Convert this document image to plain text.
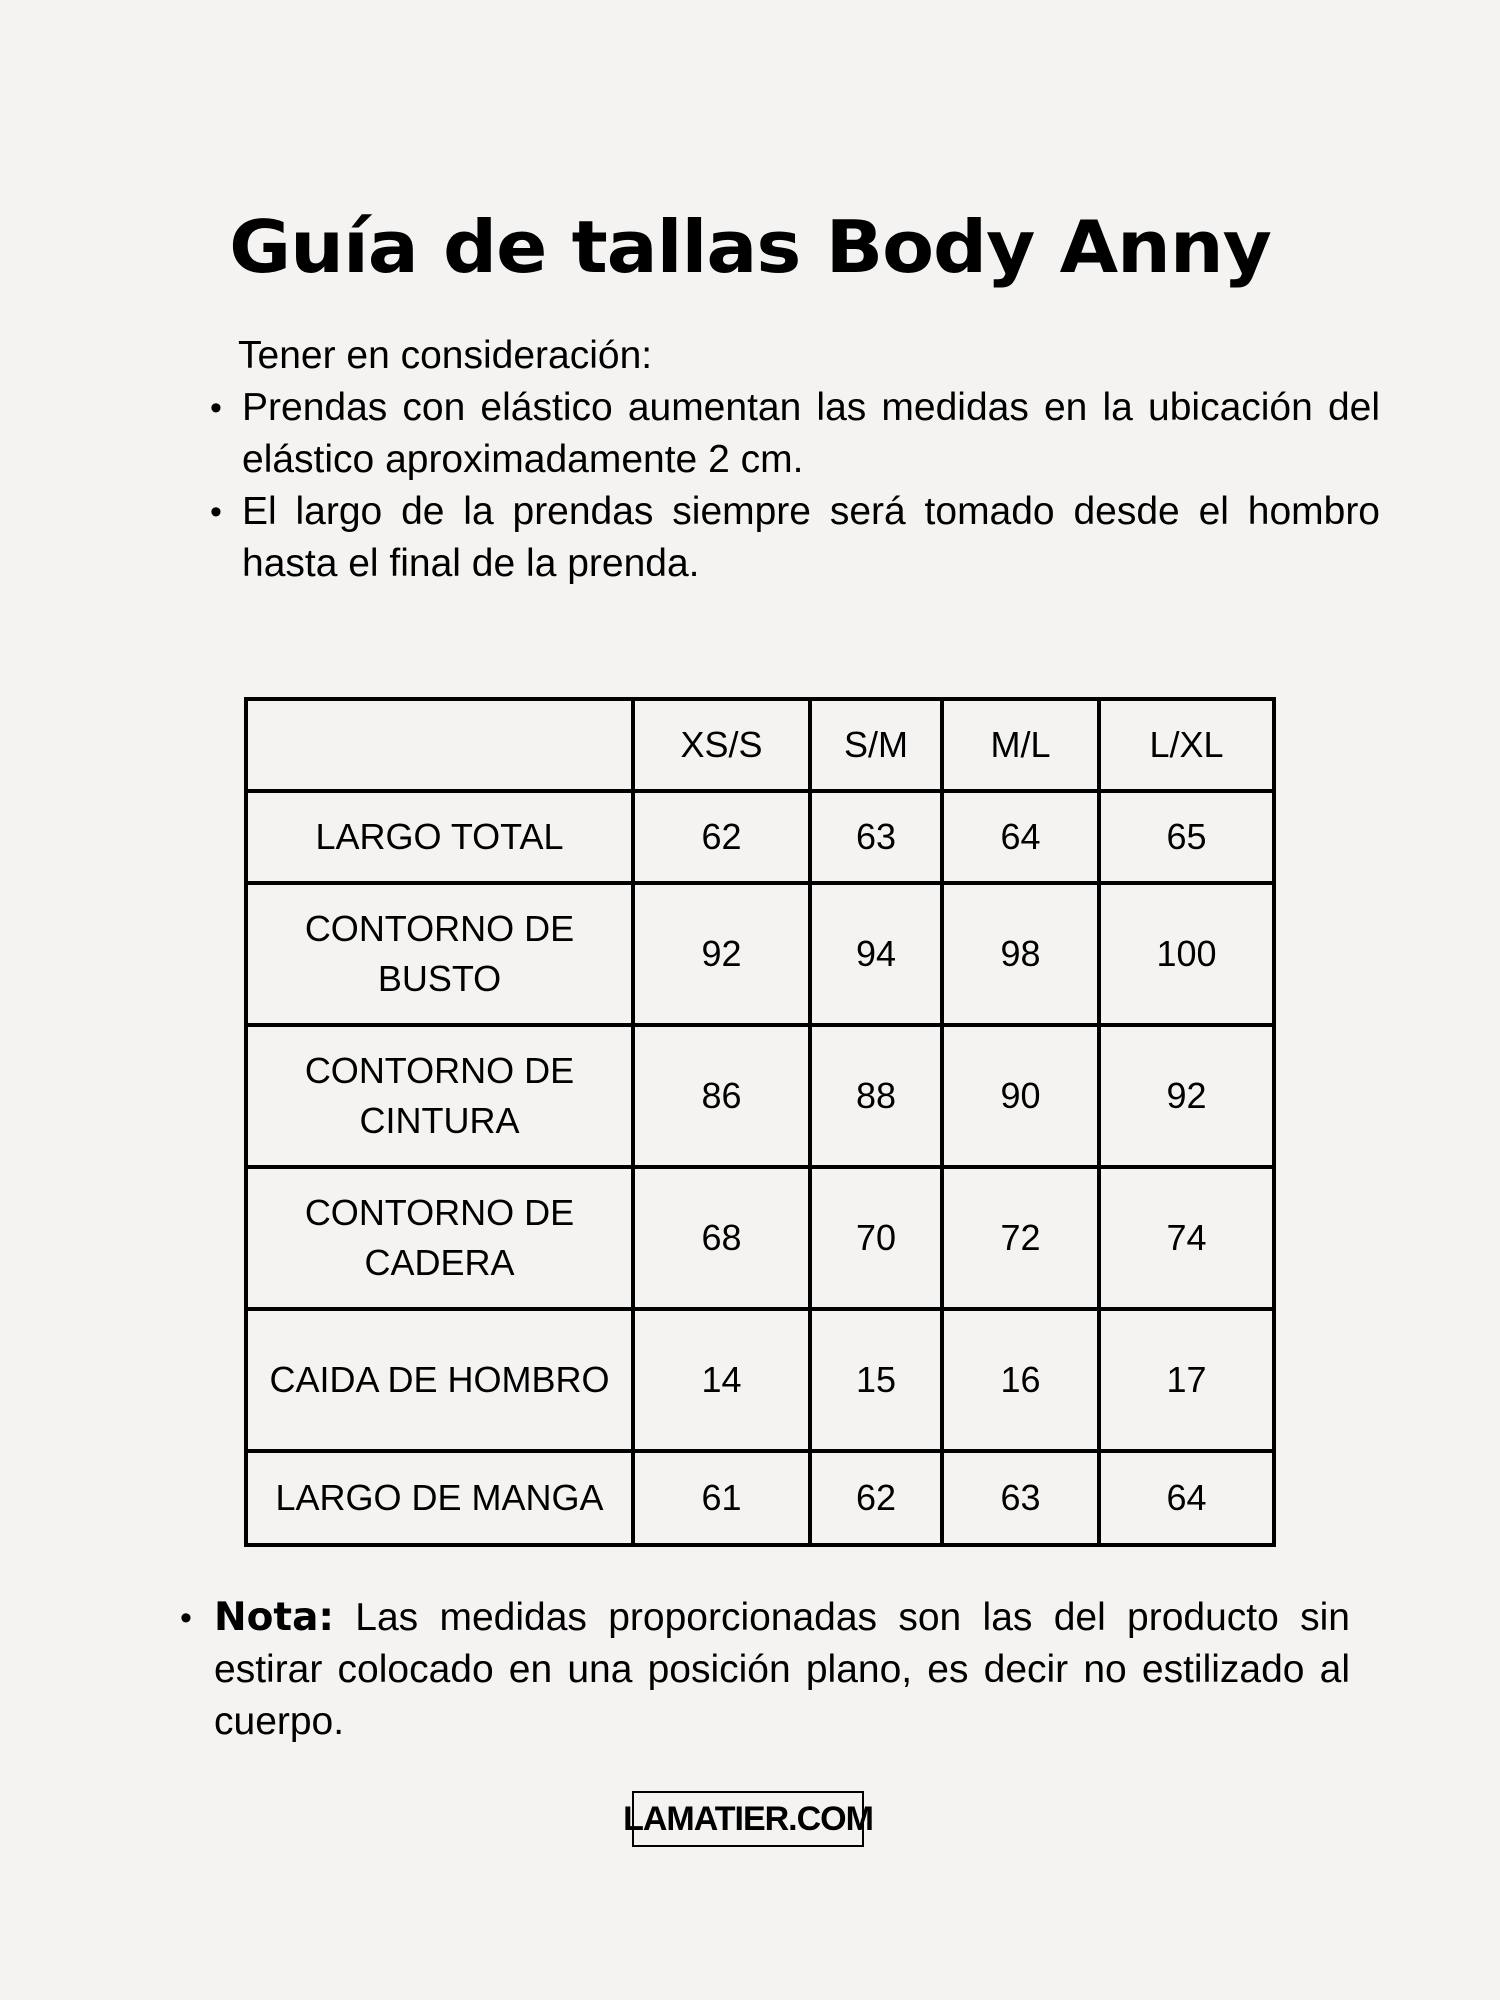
Guía de tallas Body Anny
Tener en consideración:
• Prendas con elástico aumentan las medidas en la ubicación del elástico aproximadamente 2 cm.
• El largo de la prendas siempre será tomado desde el hombro hasta el final de la prenda.
	XS/S	S/M	M/L	L/XL
LARGO TOTAL	62	63	64	65
CONTORNO DE BUSTO	92	94	98	100
CONTORNO DE CINTURA	86	88	90	92
CONTORNO DE CADERA	68	70	72	74
CAIDA DE HOMBRO	14	15	16	17
LARGO DE MANGA	61	62	63	64
• Nota: Las medidas proporcionadas son las del producto sin estirar colocado en una posición plano, es decir no estilizado al cuerpo.
LAMATIER.COM
